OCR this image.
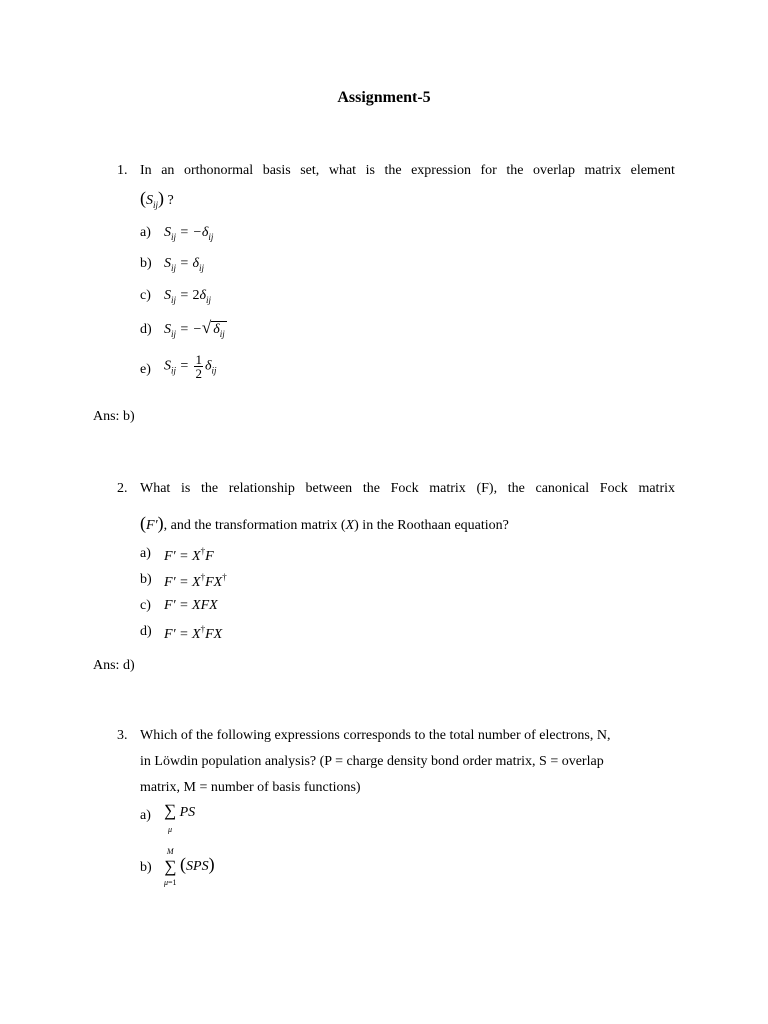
Assignment-5
1. In an orthonormal basis set, what is the expression for the overlap matrix element
$(S_{ij})$ ?
a) $S_{ij} = -\delta_{ij}$
b) $S_{ij} = \delta_{ij}$
c) $S_{ij} = 2\delta_{ij}$
d) $S_{ij}$ = −√ $\delta_{ij}$
e) $S_{ij} = \frac{1}{2} \delta_{ij}$
Ans: b)
2. What is the relationship between the Fock matrix (F), the canonical Fock matrix
(F′), and the transformation matrix (X) in the Roothaan equation?
a) F′ = X†F
b) F′ = X†FX†
c) F′ = XFX
d) F′ = X†FX
Ans: d)
3. Which of the following expressions corresponds to the total number of electrons, N,
in Löwdin population analysis? (P = charge density bond order matrix, S = overlap
matrix, M = number of basis functions)
a) ∑
μ PS
b)
M
∑
μ=1 (SPS)
